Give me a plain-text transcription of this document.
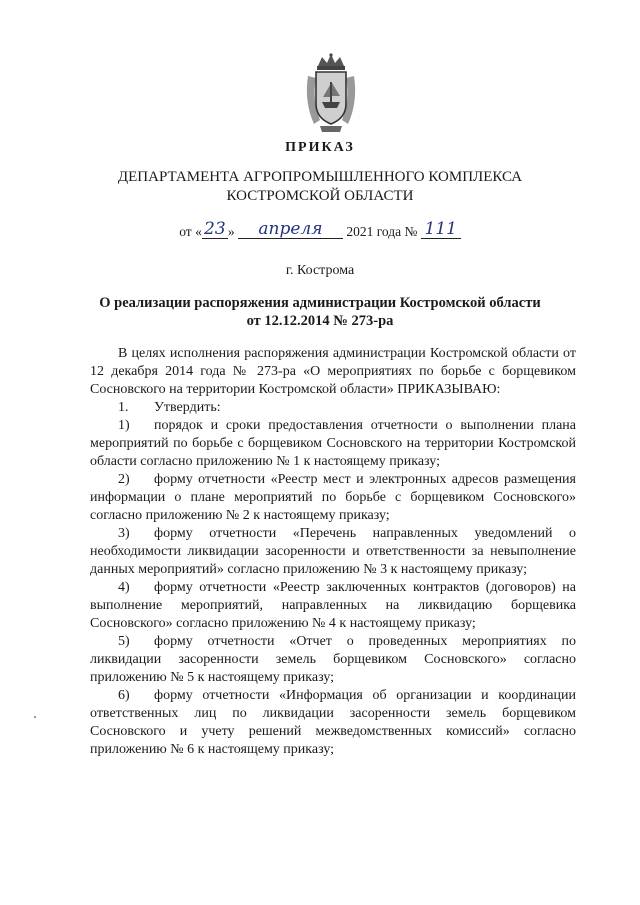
ПРИКАЗ
ДЕПАРТАМЕНТА АГРОПРОМЫШЛЕННОГО КОМПЛЕКСА
КОСТРОМСКОЙ ОБЛАСТИ
от « 23 » апреля 2021 года № 111
г. Кострома
О реализации распоряжения администрации Костромской области
от 12.12.2014 № 273-ра

В целях исполнения распоряжения администрации Костромской области от 12 декабря 2014 года № 273-ра «О мероприятиях по борьбе с борщевиком Сосновского на территории Костромской области» ПРИКАЗЫВАЮ:

1. Утвердить:

1) порядок и сроки предоставления отчетности о выполнении плана мероприятий по борьбе с борщевиком Сосновского на территории Костромской области согласно приложению № 1 к настоящему приказу;

2) форму отчетности «Реестр мест и электронных адресов размещения информации о плане мероприятий по борьбе с борщевиком Сосновского» согласно приложению № 2 к настоящему приказу;

3) форму отчетности «Перечень направленных уведомлений о необходимости ликвидации засоренности и ответственности за невыполнение данных мероприятий» согласно приложению № 3 к настоящему приказу;

4) форму отчетности «Реестр заключенных контрактов (договоров) на выполнение мероприятий, направленных на ликвидацию борщевика Сосновского» согласно приложению № 4 к настоящему приказу;

5) форму отчетности «Отчет о проведенных мероприятиях по ликвидации засоренности земель борщевиком Сосновского» согласно приложению № 5 к настоящему приказу;

6) форму отчетности «Информация об организации и координации ответственных лиц по ликвидации засоренности земель борщевиком Сосновского и учету решений межведомственных комиссий» согласно приложению № 6 к настоящему приказу;
